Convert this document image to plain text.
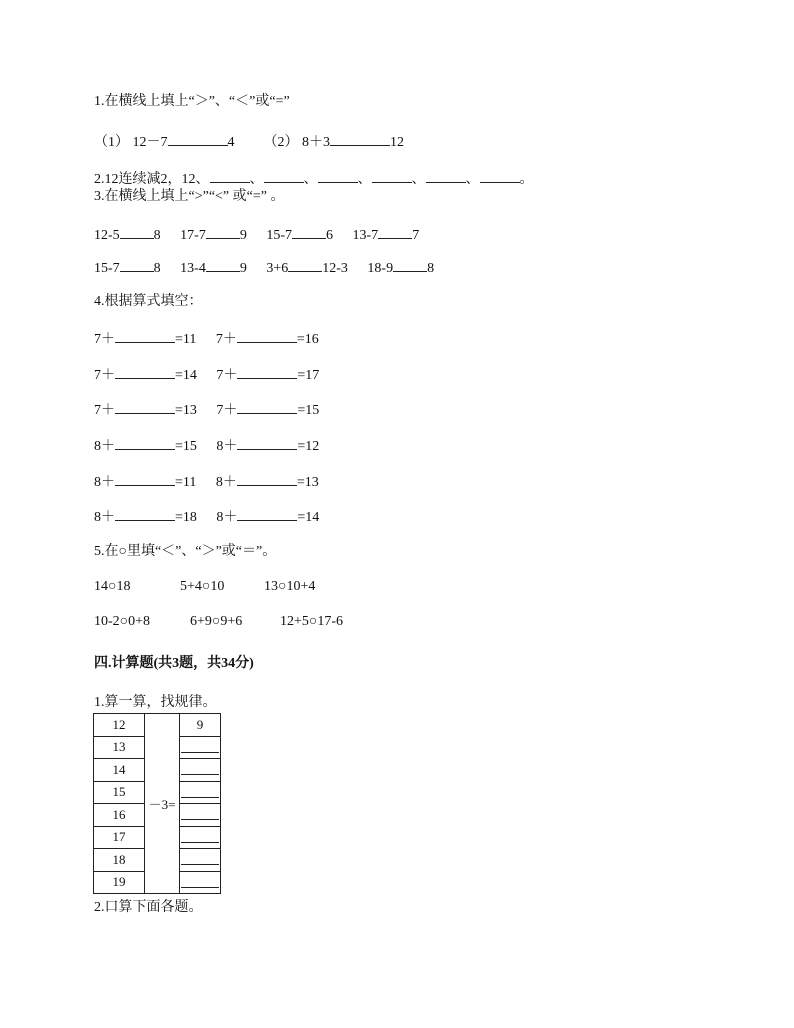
1.在横线上填上“＞”、“＜”或“=”
（1） 12－7	4 （2） 8＋3	12
2.12连续减2，12、	、	、	、	、	、	。
3.在横线上填上“>”“<” 或“=” 。
12-5 8 17-7 9 15-7 6 13-7 7
15-7 8 13-4 9 3+6 12-3 18-9 8
4.根据算式填空：
7＋	=11 7＋	=16
7＋	=14 7＋	=17
7＋	=13 7＋	=15
8＋	=15 8＋	=12
8＋	=11 8＋	=13
8＋	=18 8＋	=14
5.在○里填“＜”、“＞”或“＝”。
14○18	5+4○10	13○10+4
10-2○0+8	6+9○9+6	12+5○17-6
四.计算题(共3题，共34分)
1.算一算，找规律。
12	－3=	9
13		
14		
15		
16		
17		
18		
19		
2.口算下面各题。
